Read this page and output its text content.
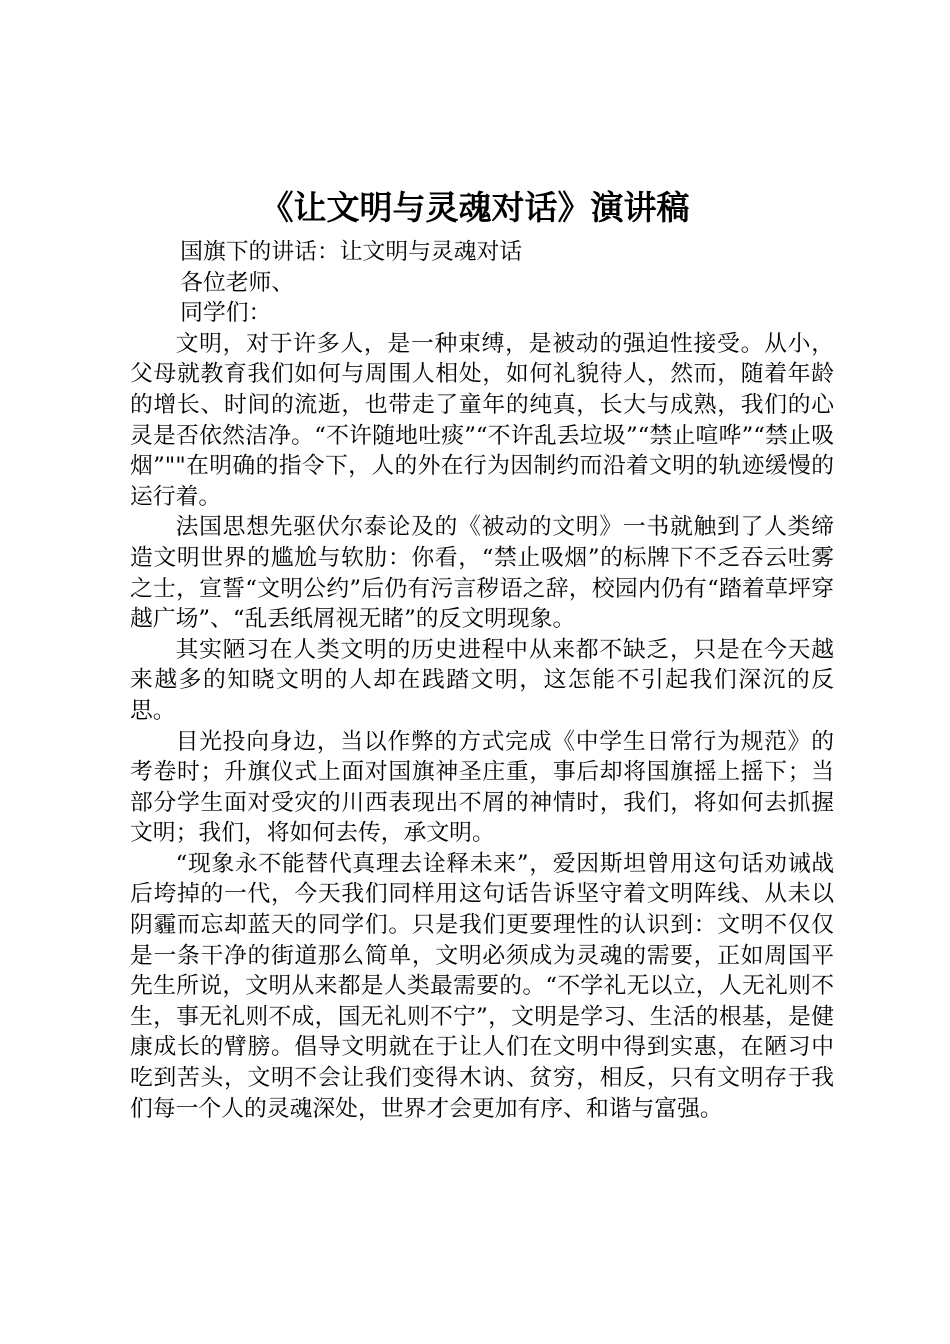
《让文明与灵魂对话》演讲稿

国旗下的讲话：让文明与灵魂对话

各位老师、

同学们：

文明，对于许多人，是一种束缚，是被动的强迫性接受。从小，父母就教育我们如何与周围人相处，如何礼貌待人，然而，随着年龄的增长、时间的流逝，也带走了童年的纯真，长大与成熟，我们的心灵是否依然洁净。“不许随地吐痰”“不许乱丢垃圾”“禁止喧哗”“禁止吸烟”""在明确的指令下，人的外在行为因制约而沿着文明的轨迹缓慢的运行着。

法国思想先驱伏尔泰论及的《被动的文明》一书就触到了人类缔造文明世界的尴尬与软肋：你看，“禁止吸烟”的标牌下不乏吞云吐雾之士，宣誓“文明公约”后仍有污言秽语之辞，校园内仍有“踏着草坪穿越广场”、“乱丢纸屑视无睹”的反文明现象。

其实陋习在人类文明的历史进程中从来都不缺乏，只是在今天越来越多的知晓文明的人却在践踏文明，这怎能不引起我们深沉的反思。

目光投向身边，当以作弊的方式完成《中学生日常行为规范》的考卷时；升旗仪式上面对国旗神圣庄重，事后却将国旗摇上摇下；当部分学生面对受灾的川西表现出不屑的神情时，我们，将如何去抓握文明；我们，将如何去传，承文明。

“现象永不能替代真理去诠释未来”，爱因斯坦曾用这句话劝诫战后垮掉的一代，今天我们同样用这句话告诉坚守着文明阵线、从未以阴霾而忘却蓝天的同学们。只是我们更要理性的认识到：文明不仅仅是一条干净的街道那么简单，文明必须成为灵魂的需要，正如周国平先生所说，文明从来都是人类最需要的。“不学礼无以立，人无礼则不生，事无礼则不成，国无礼则不宁”，文明是学习、生活的根基，是健康成长的臂膀。倡导文明就在于让人们在文明中得到实惠，在陋习中吃到苦头，文明不会让我们变得木讷、贫穷，相反，只有文明存于我们每一个人的灵魂深处，世界才会更加有序、和谐与富强。
